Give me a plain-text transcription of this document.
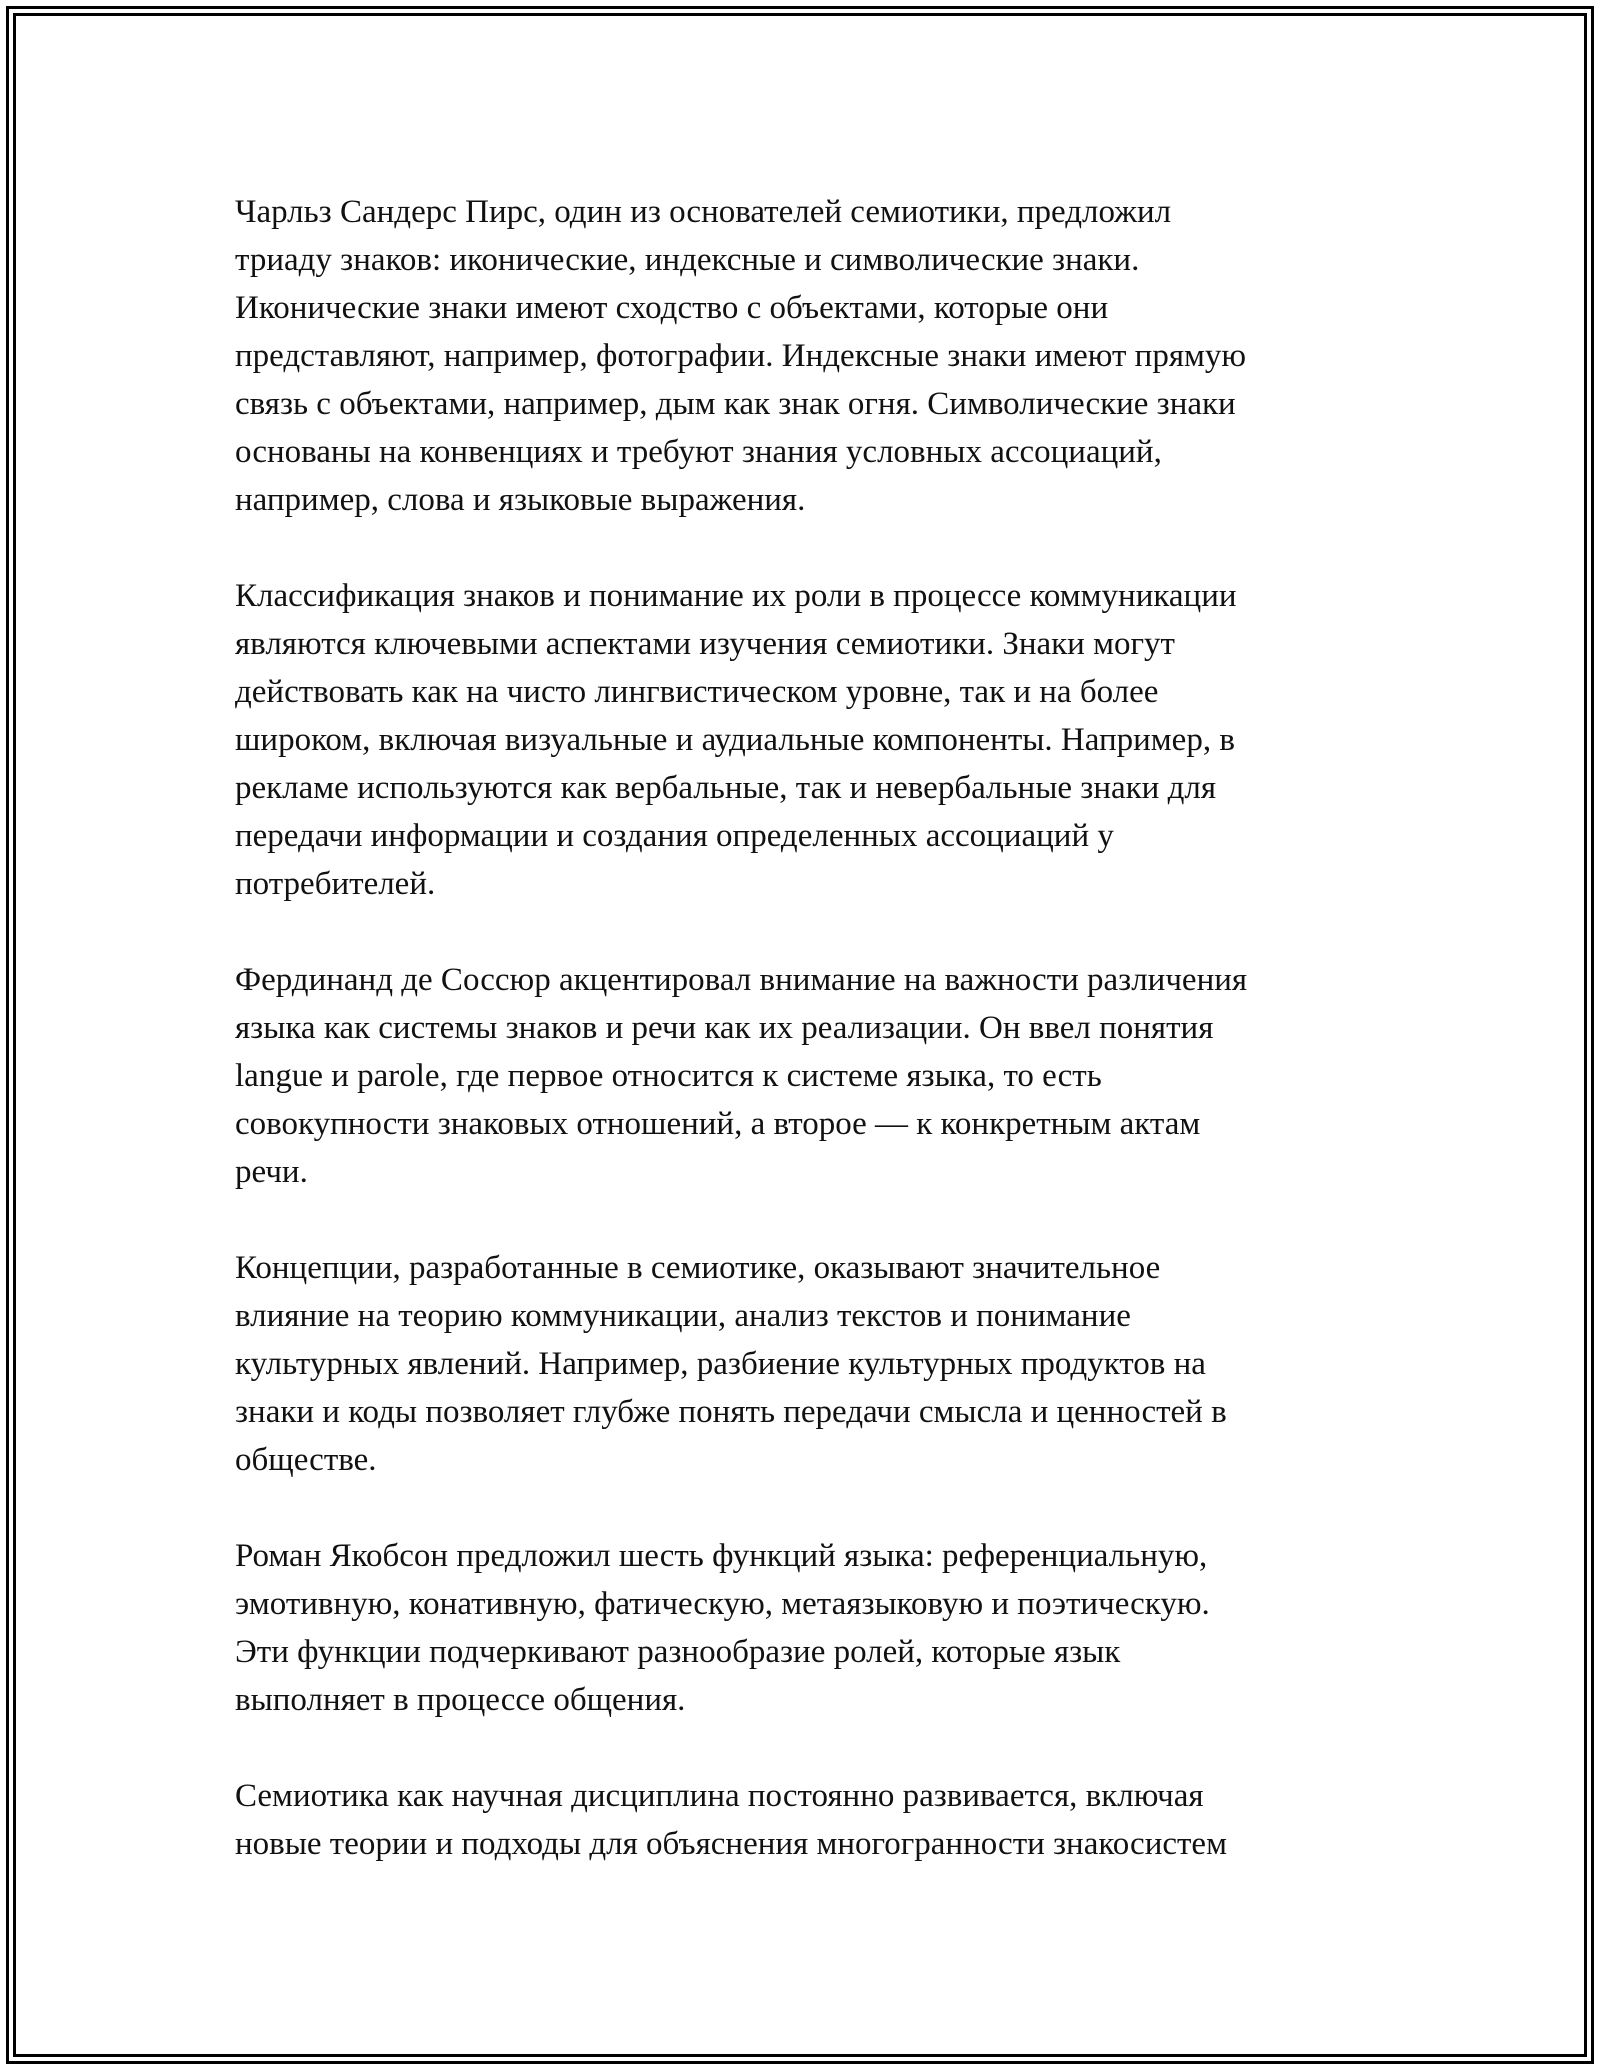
Чарльз Сандерс Пирс, один из основателей семиотики, предложил
триаду знаков: иконические, индексные и символические знаки.
Иконические знаки имеют сходство с объектами, которые они
представляют, например, фотографии. Индексные знаки имеют прямую
связь с объектами, например, дым как знак огня. Символические знаки
основаны на конвенциях и требуют знания условных ассоциаций,
например, слова и языковые выражения.

Классификация знаков и понимание их роли в процессе коммуникации
являются ключевыми аспектами изучения семиотики. Знаки могут
действовать как на чисто лингвистическом уровне, так и на более
широком, включая визуальные и аудиальные компоненты. Например, в
рекламе используются как вербальные, так и невербальные знаки для
передачи информации и создания определенных ассоциаций у
потребителей.

Фердинанд де Соссюр акцентировал внимание на важности различения
языка как системы знаков и речи как их реализации. Он ввел понятия
langue и parole, где первое относится к системе языка, то есть
совокупности знаковых отношений, а второе — к конкретным актам
речи.

Концепции, разработанные в семиотике, оказывают значительное
влияние на теорию коммуникации, анализ текстов и понимание
культурных явлений. Например, разбиение культурных продуктов на
знаки и коды позволяет глубже понять передачи смысла и ценностей в
обществе.

Роман Якобсон предложил шесть функций языка: референциальную,
эмотивную, конативную, фатическую, метаязыковую и поэтическую.
Эти функции подчеркивают разнообразие ролей, которые язык
выполняет в процессе общения.

Семиотика как научная дисциплина постоянно развивается, включая
новые теории и подходы для объяснения многогранности знакосистем
